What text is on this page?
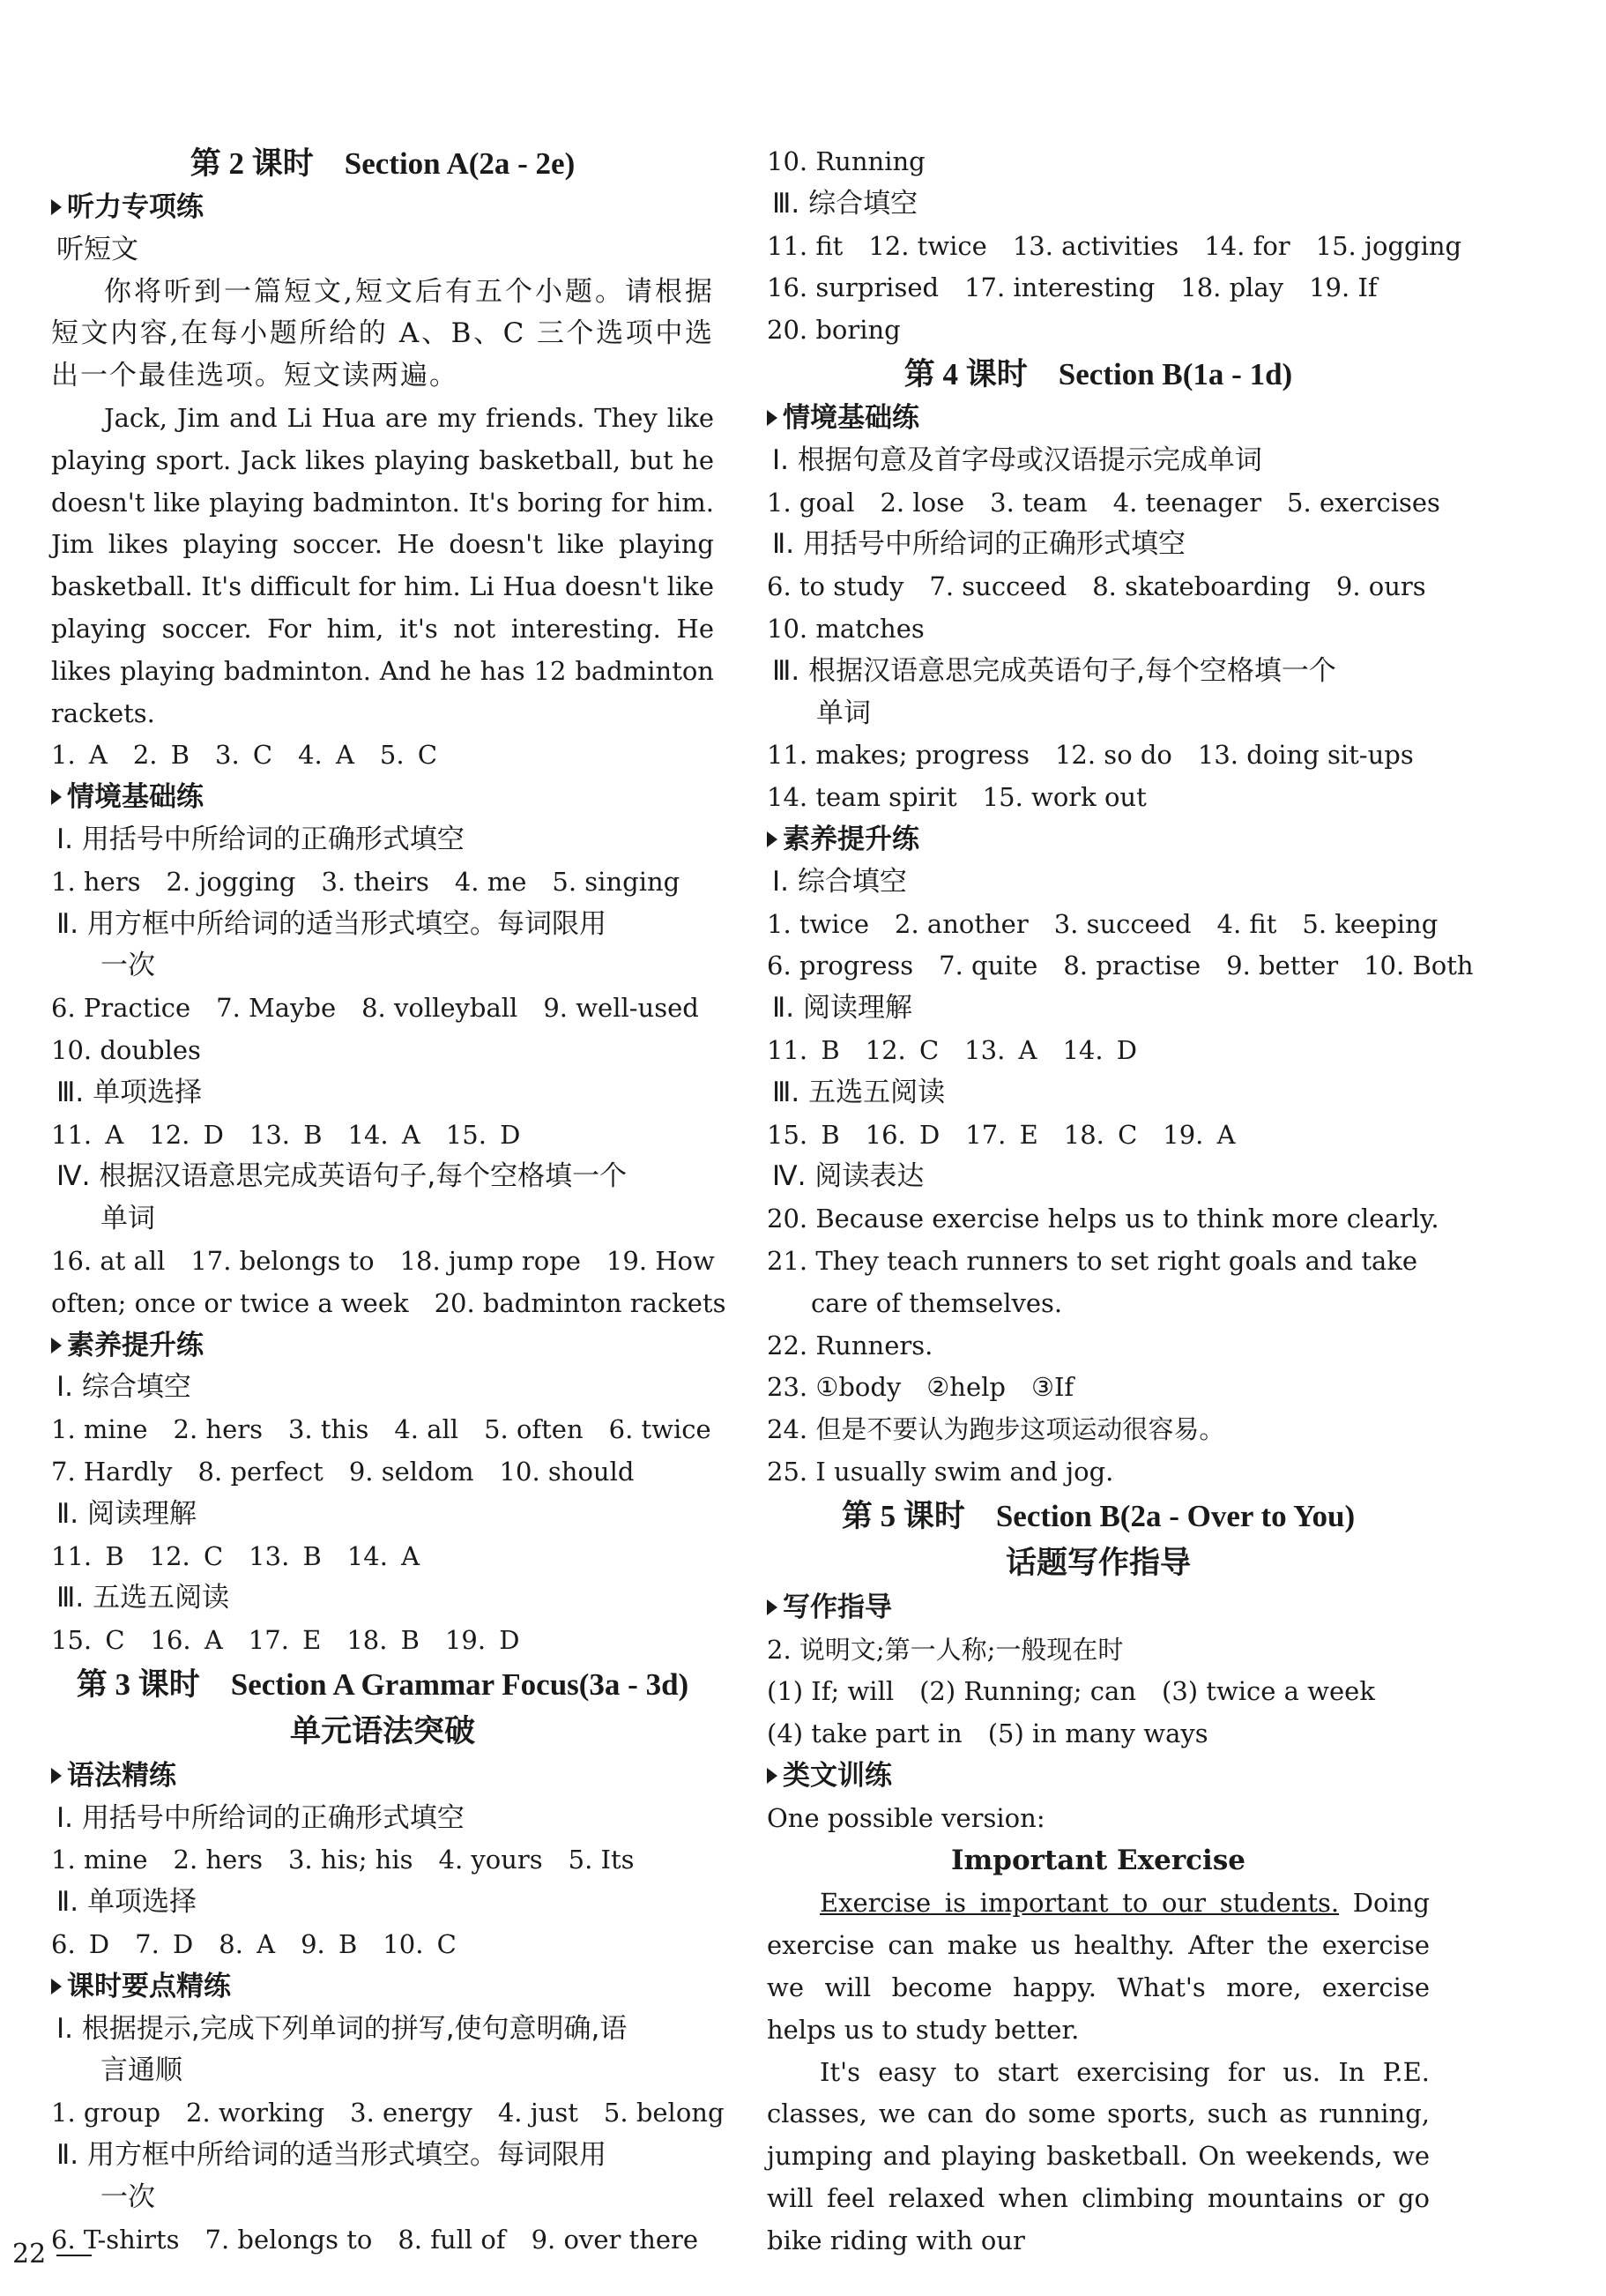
第 2 课时　Section A(2a - 2e)

听力专项练

听短文

你将听到一篇短文,短文后有五个小题。请根据短文内容,在每小题所给的 A、B、C 三个选项中选出一个最佳选项。短文读两遍。

Jack, Jim and Li Hua are my friends. They like playing sport. Jack likes playing basketball, but he doesn't like playing badminton. It's boring for him. Jim likes playing soccer. He doesn't like playing basketball. It's difficult for him. Li Hua doesn't like playing soccer. For him, it's not interesting. He likes playing badminton. And he has 12 badminton rackets.

1. A　2. B　3. C　4. A　5. C

情境基础练

Ⅰ. 用括号中所给词的正确形式填空

1. hers　2. jogging　3. theirs　4. me　5. singing

Ⅱ. 用方框中所给词的适当形式填空。每词限用

一次

6. Practice　7. Maybe　8. volleyball　9. well-used

10. doubles

Ⅲ. 单项选择

11. A　12. D　13. B　14. A　15. D

Ⅳ. 根据汉语意思完成英语句子,每个空格填一个

单词

16. at all　17. belongs to　18. jump rope　19. How

often; once or twice a week　20. badminton rackets

素养提升练

Ⅰ. 综合填空

1. mine　2. hers　3. this　4. all　5. often　6. twice

7. Hardly　8. perfect　9. seldom　10. should

Ⅱ. 阅读理解

11. B　12. C　13. B　14. A

Ⅲ. 五选五阅读

15. C　16. A　17. E　18. B　19. D

第 3 课时　Section A Grammar Focus(3a - 3d)

单元语法突破

语法精练

Ⅰ. 用括号中所给词的正确形式填空

1. mine　2. hers　3. his; his　4. yours　5. Its

Ⅱ. 单项选择

6. D　7. D　8. A　9. B　10. C

课时要点精练

Ⅰ. 根据提示,完成下列单词的拼写,使句意明确,语

言通顺

1. group　2. working　3. energy　4. just　5. belong

Ⅱ. 用方框中所给词的适当形式填空。每词限用

一次

6. T-shirts　7. belongs to　8. full of　9. over there

10. Running

Ⅲ. 综合填空

11. fit　12. twice　13. activities　14. for　15. jogging

16. surprised　17. interesting　18. play　19. If

20. boring

第 4 课时　Section B(1a - 1d)

情境基础练

Ⅰ. 根据句意及首字母或汉语提示完成单词

1. goal　2. lose　3. team　4. teenager　5. exercises

Ⅱ. 用括号中所给词的正确形式填空

6. to study　7. succeed　8. skateboarding　9. ours

10. matches

Ⅲ. 根据汉语意思完成英语句子,每个空格填一个

单词

11. makes; progress　12. so do　13. doing sit-ups

14. team spirit　15. work out

素养提升练

Ⅰ. 综合填空

1. twice　2. another　3. succeed　4. fit　5. keeping

6. progress　7. quite　8. practise　9. better　10. Both

Ⅱ. 阅读理解

11. B　12. C　13. A　14. D

Ⅲ. 五选五阅读

15. B　16. D　17. E　18. C　19. A

Ⅳ. 阅读表达

20. Because exercise helps us to think more clearly.

21. They teach runners to set right goals and take care of themselves.

22. Runners.

23. ①body　②help　③If

24. 但是不要认为跑步这项运动很容易。

25. I usually swim and jog.

第 5 课时　Section B(2a - Over to You)

话题写作指导

写作指导

2. 说明文;第一人称;一般现在时

(1) If; will　(2) Running; can　(3) twice a week

(4) take part in　(5) in many ways

类文训练

One possible version:

Important Exercise

Exercise is important to our students. Doing exercise can make us healthy. After the exercise we will become happy. What's more, exercise helps us to study better.

It's easy to start exercising for us. In P.E. classes, we can do some sports, such as running, jumping and playing basketball. On weekends, we will feel relaxed when climbing mountains or go bike riding with our

22
